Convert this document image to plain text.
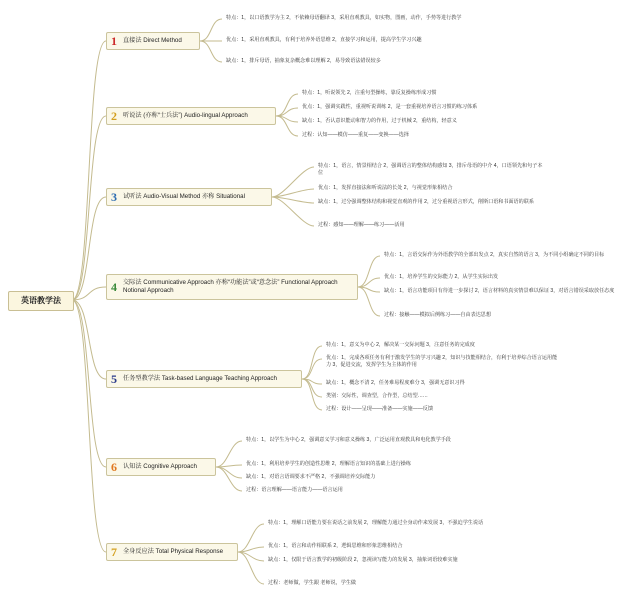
英语教学法
1 直接法 Direct Method
特点：1，以口语教学为主 2，不依赖母语翻译 3，采用直观教具，如实物，图画，动作，手势等进行教学
优点：1，采用直观教具，有利于培养外语思维 2，直接学习和运用，提高学生学习兴趣
缺点：1，排斥母语，抽象复杂概念难以理解 2，易导致语法错误较多
2 听说法 (亦称“士兵法”) Audio-lingual Approach
特点：1，听说领先 2，注重句型操练，靠反复操练形成习惯
优点：1，强调实践性，重视听说训练 2，是一套重视培养语言习惯的练习体系
缺点：1，否认意识能动和智力的作用，过于机械 2，重结构，轻意义
过程：认知——模仿——重复——变换——选择
3 试听法 Audio-Visual Method 亦称 Situational
特点：1，语言，情景相结合 2，强调语言的整体结构感知 3，排斥母语的中介 4，口语领先和句子本位
优点：1，发挥直接法和听说法的长处 2，与视觉形象相结合
缺点：1，过分强调整体结构和视觉直观的作用 2，过分重视语言形式，削斯口语和书面语的联系
过程：感知——理解——练习——活用
4 交际法 Communicative Approach 亦称“功能法”或“意念法” Functional Approach Notional Approach
特点：1，言语交际作为外语教学的全部出发点 2，真实自然的语言 3，为不同小组确定不同的目标
优点：1，培养学生的交际能力 2，从学生实际出发
缺点：1，语言功能项目有待进一步探讨 2，语言材料的真实情景难以保证 3，对语言错误采取放任态度
过程：接触——模拟后例练习——自由表达思想
5 任务型教学法 Task-based Language Teaching Approach
特点：1，意义为中心 2，解决某一交际问题 3，注意任务的完成度
优点：1，完成各项任务有利于激发学生的学习兴趣 2，知识与技能相结合，有利于培养综合语言运用能力 3，促进交流，发挥学生为主体的作用
缺点：1，概念不清 2，任务难易程度难分 3，强调无意识习得
类别：交际性，调查型，合作型，总结型……
过程：设计——呈现——准备——实施——反馈
6 认知法 Cognitive Approach
特点：1，以学生为中心 2，强调意义学习和意义操练 3，广泛运用直观教具和电化教学手段
优点：1，利用培养学生的创造性思维 2，理解语言知识的基础上进行操练
缺点：1，对语言语调要求不严格 2，不强调培养交际能力
过程：语言理解——语言能力——语言运用
7 全身反应法 Total Physical Response
特点：1，理解口语能力要在说话之前发展 2，理解能力通过全身动作来发展 3，不强迫学生说话
优点：1，语言和动作相联系 2，逻辑思维和形象思维相结合
缺点：1，仅限于语言教学的初级阶段 2，忽视读写能力的发展 3，抽象词语较难实施
过程：老师做，学生跟 老师说，学生做
